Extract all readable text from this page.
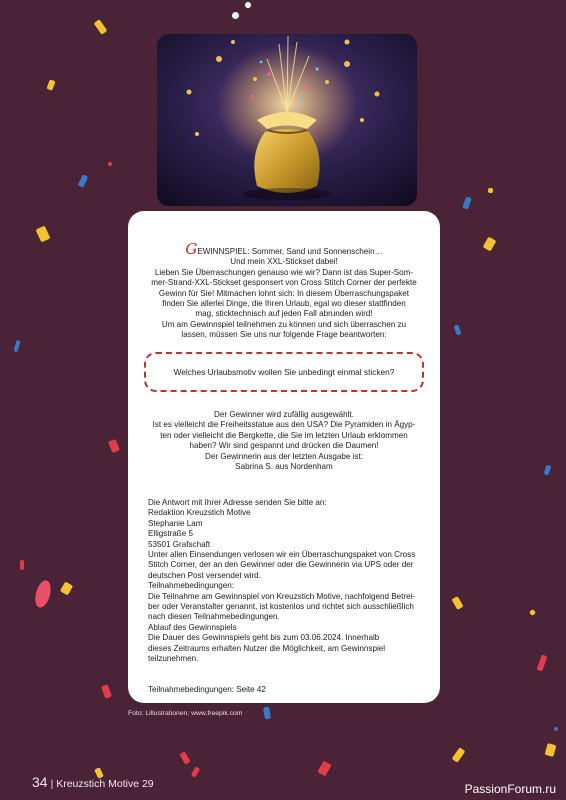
GEWINNSPIEL: Sommer, Sand und Sonnenschein…
Und mein XXL-Stickset dabei!
Lieben Sie Überraschungen genauso wie wir? Dann ist das Super-Som-
mer-Strand-XXL-Stickset gesponsert von Cross Stitch Corner der perfekte
Gewinn für Sie! Mitmachen lohnt sich: In diesem Überraschungspaket
finden Sie allerlei Dinge, die Ihren Urlaub, egal wo dieser stattfinden
mag, sticktechnisch auf jeden Fall abrunden wird!
Um am Gewinnspiel teilnehmen zu können und sich überraschen zu
lassen, müssen Sie uns nur folgende Frage beantworten:
Welches Urlaubsmotiv wollen Sie unbedingt einmal sticken?
Der Gewinner wird zufällig ausgewählt.
Ist es vielleicht die Freiheitsstatue aus den USA? Die Pyramiden in Ägyp-
ten oder vielleicht die Bergkette, die Sie im letzten Urlaub erklommen
haben? Wir sind gespannt und drücken die Daumen!
Der Gewinnerin aus der letzten Ausgabe ist:
Sabrina S. aus Nordenham
Die Antwort mit Ihrer Adresse senden Sie bitte an:
Redaktion Kreuzstich Motive
Stephanie Lam
Elligstraße 5
53501 Grafschaft
Unter allen Einsendungen verlosen wir ein Überraschungspaket von Cross
Stitch Corner, der an den Gewinner oder die Gewinnerin via UPS oder der
deutschen Post versendet wird.
Teilnahmebedingungen:
Die Teilnahme am Gewinnspiel von Kreuzstich Motive, nachfolgend Betrei-
ber oder Veranstalter genannt, ist kostenlos und richtet sich ausschließlich
nach diesen Teilnahmebedingungen.
Ablauf des Gewinnspiels
Die Dauer des Gewinnspiels geht bis zum 03.06.2024. Innerhalb
dieses Zeitraums erhalten Nutzer die Möglichkeit, am Gewinnspiel
teilzunehmen.
Teilnahmebedingungen: Seite 42
Foto: Lillustrationen: www.freepik.com
34 | Kreuzstich Motive 29	PassionForum.ru
